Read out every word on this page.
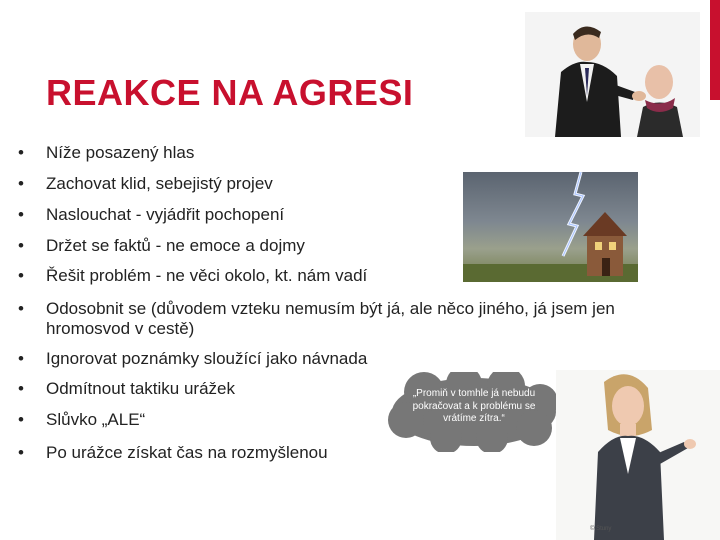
REAKCE NA AGRESI
• Níže posazený hlas
• Zachovat klid, sebejistý projev
• Naslouchat - vyjádřit pochopení
• Držet se faktů - ne emoce a dojmy
• Řešit problém - ne věci okolo, kt. nám vadí
• Odosobnit se (důvodem vzteku nemusím být já, ale něco jiného, já jsem jen hromosvod v cestě)
• Ignorovat poznámky sloužící jako návnada
• Odmítnout taktiku urážek
• Slůvko „ALE“
• Po urážce získat čas na rozmyšlenou
„Promiň v tomhle já nebudu pokračovat a k problému se vrátíme zítra.“
© Stuny
